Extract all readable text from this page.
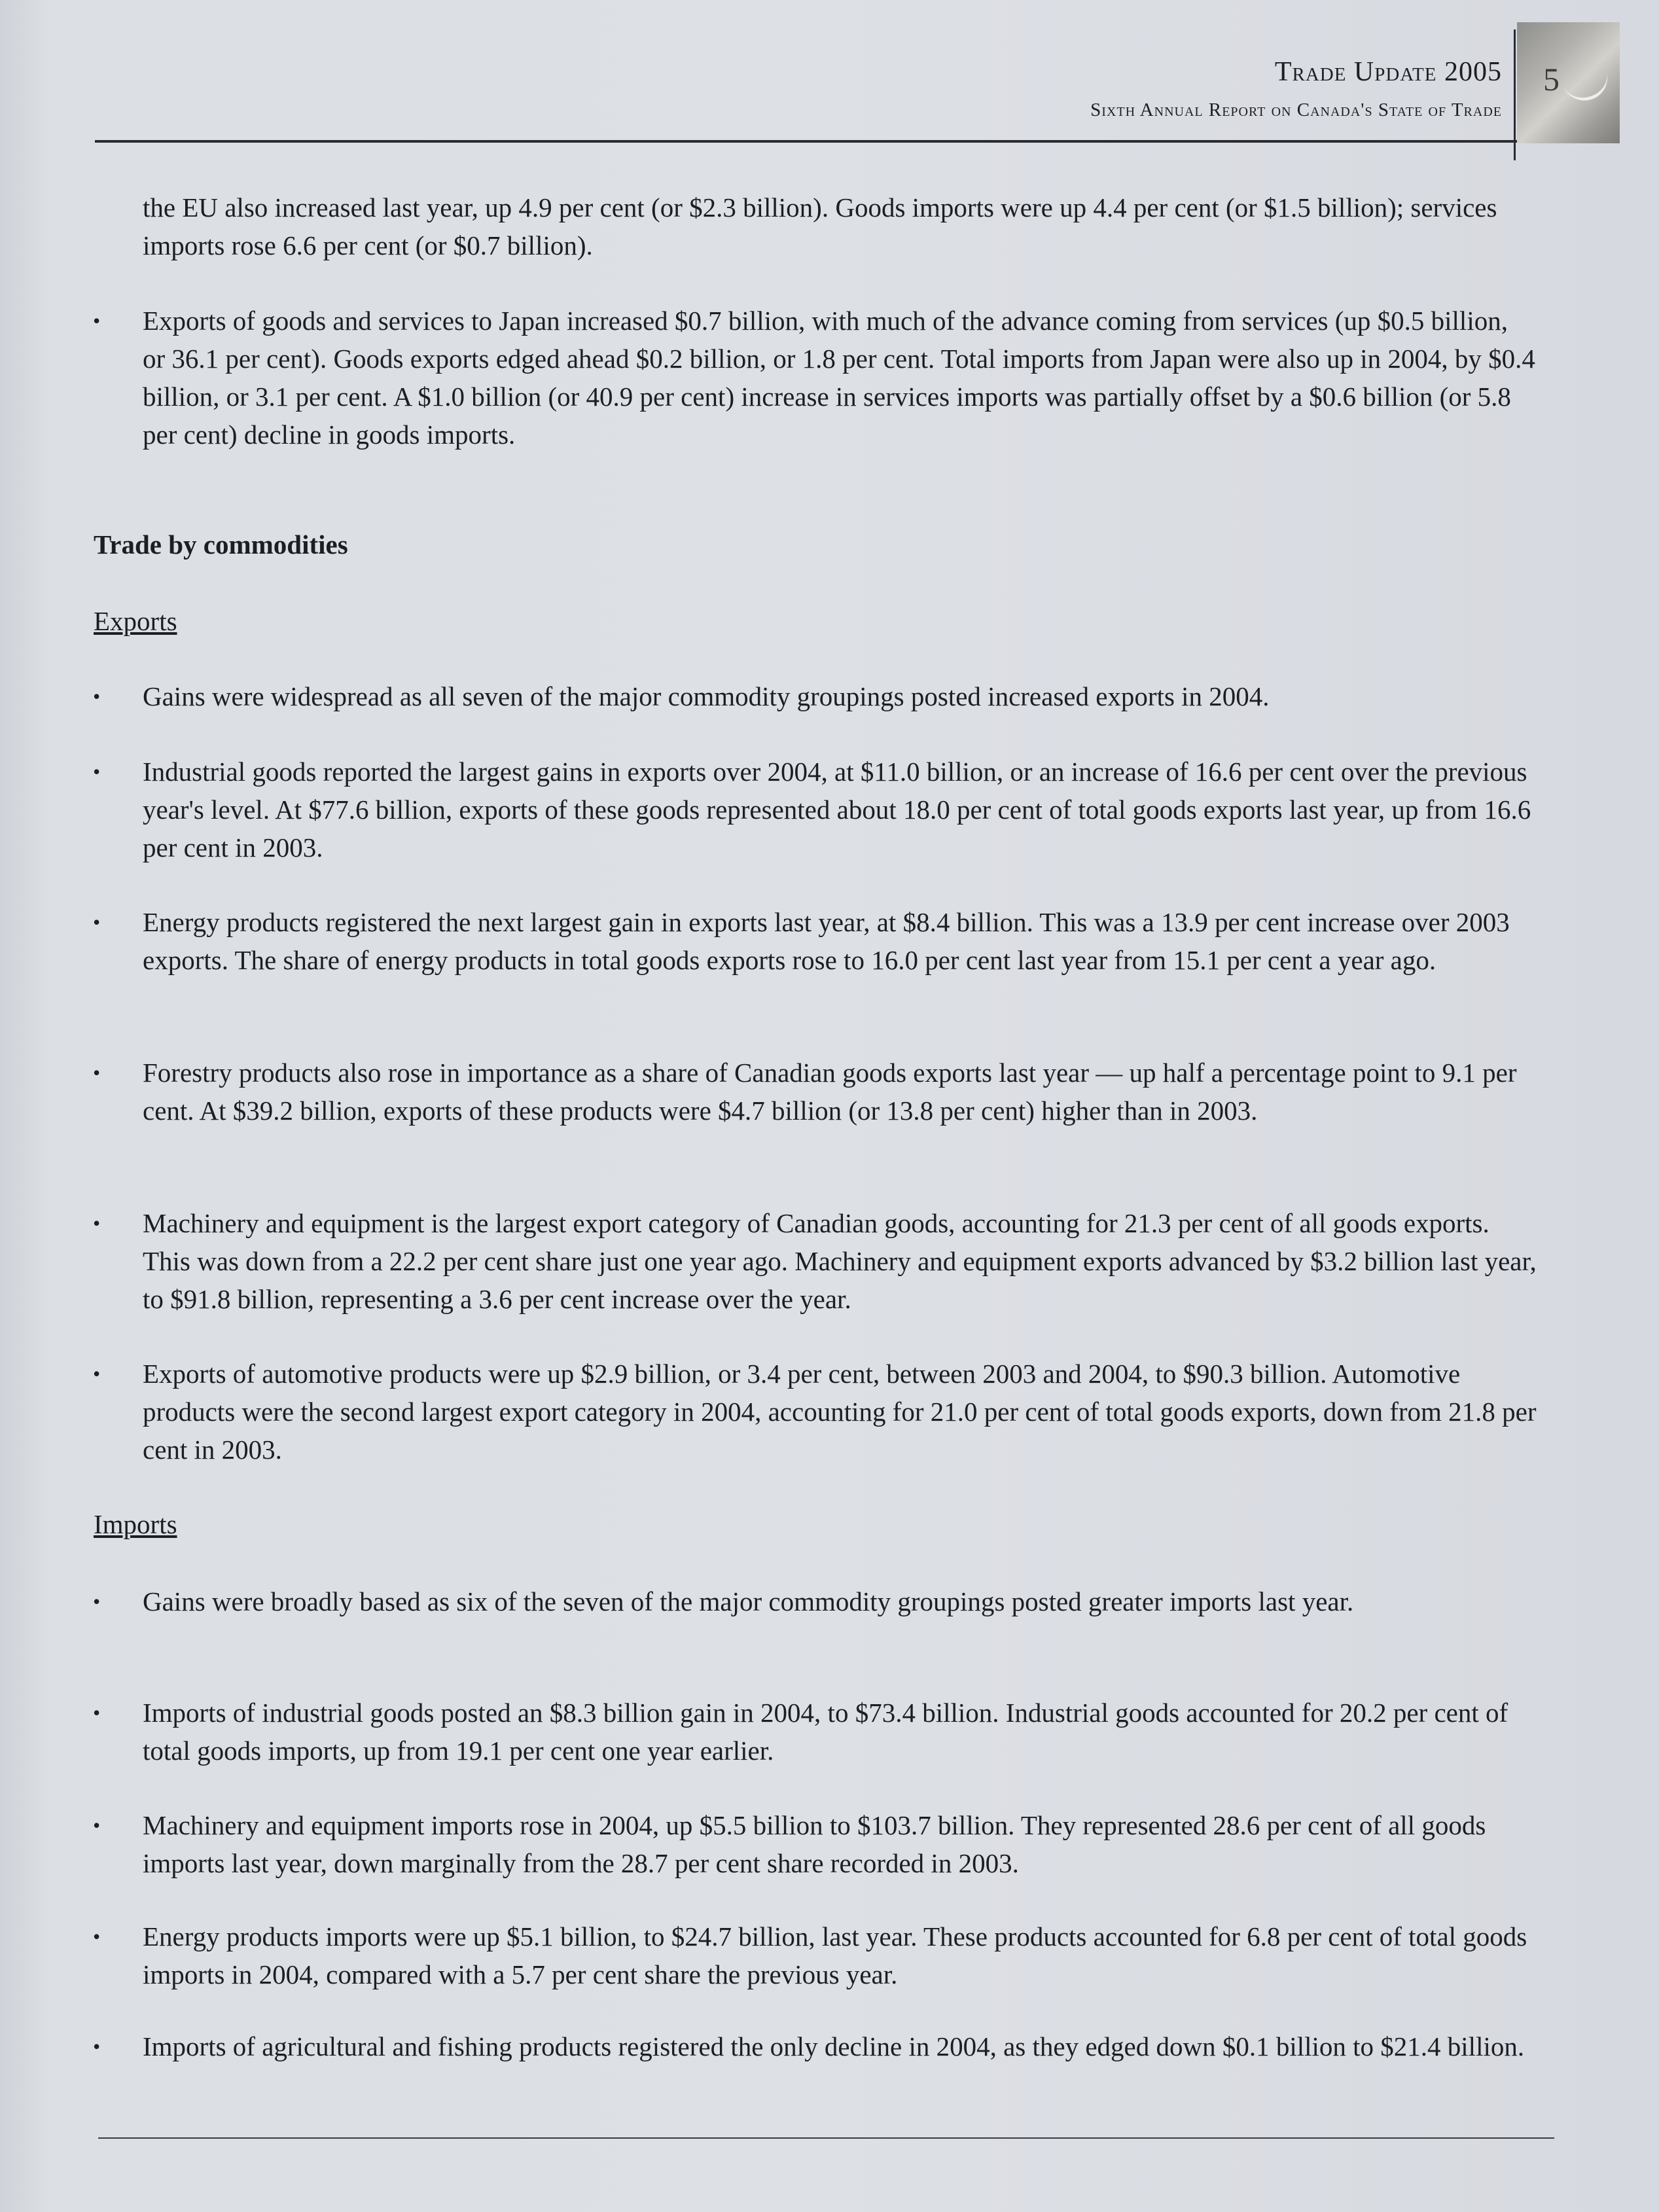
Trade Update 2005
Sixth Annual Report on Canada's State of Trade
5

the EU also increased last year, up 4.9 per cent (or $2.3 billion). Goods imports were up 4.4 per cent (or $1.5 billion); services imports rose 6.6 per cent (or $0.7 billion).

• Exports of goods and services to Japan increased $0.7 billion, with much of the advance coming from services (up $0.5 billion, or 36.1 per cent). Goods exports edged ahead $0.2 billion, or 1.8 per cent. Total imports from Japan were also up in 2004, by $0.4 billion, or 3.1 per cent. A $1.0 billion (or 40.9 per cent) increase in services imports was partially offset by a $0.6 billion (or 5.8 per cent) decline in goods imports.

Trade by commodities
Exports
• Gains were widespread as all seven of the major commodity groupings posted increased exports in 2004.

• Industrial goods reported the largest gains in exports over 2004, at $11.0 billion, or an increase of 16.6 per cent over the previous year's level. At $77.6 billion, exports of these goods represented about 18.0 per cent of total goods exports last year, up from 16.6 per cent in 2003.

• Energy products registered the next largest gain in exports last year, at $8.4 billion. This was a 13.9 per cent increase over 2003 exports. The share of energy products in total goods exports rose to 16.0 per cent last year from 15.1 per cent a year ago.

• Forestry products also rose in importance as a share of Canadian goods exports last year — up half a percentage point to 9.1 per cent. At $39.2 billion, exports of these products were $4.7 billion (or 13.8 per cent) higher than in 2003.

• Machinery and equipment is the largest export category of Canadian goods, accounting for 21.3 per cent of all goods exports. This was down from a 22.2 per cent share just one year ago. Machinery and equipment exports advanced by $3.2 billion last year, to $91.8 billion, representing a 3.6 per cent increase over the year.

• Exports of automotive products were up $2.9 billion, or 3.4 per cent, between 2003 and 2004, to $90.3 billion. Automotive products were the second largest export category in 2004, accounting for 21.0 per cent of total goods exports, down from 21.8 per cent in 2003.

Imports
• Gains were broadly based as six of the seven of the major commodity groupings posted greater imports last year.

• Imports of industrial goods posted an $8.3 billion gain in 2004, to $73.4 billion. Industrial goods accounted for 20.2 per cent of total goods imports, up from 19.1 per cent one year earlier.

• Machinery and equipment imports rose in 2004, up $5.5 billion to $103.7 billion. They represented 28.6 per cent of all goods imports last year, down marginally from the 28.7 per cent share recorded in 2003.

• Energy products imports were up $5.1 billion, to $24.7 billion, last year. These products accounted for 6.8 per cent of total goods imports in 2004, compared with a 5.7 per cent share the previous year.

• Imports of agricultural and fishing products registered the only decline in 2004, as they edged down $0.1 billion to $21.4 billion.
